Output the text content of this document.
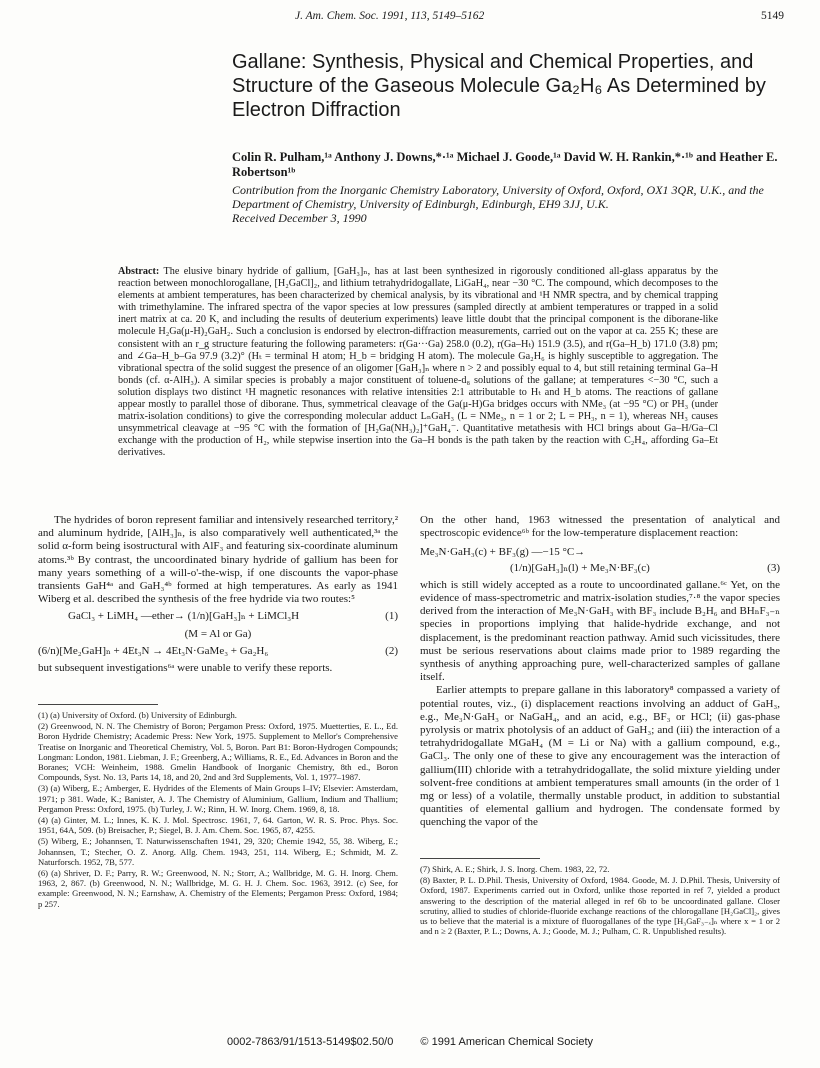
J. Am. Chem. Soc. 1991, 113, 5149–5162	5149
Gallane: Synthesis, Physical and Chemical Properties, and Structure of the Gaseous Molecule Ga₂H₆ As Determined by Electron Diffraction
Colin R. Pulham,¹ᵃ Anthony J. Downs,*·¹ᵃ Michael J. Goode,¹ᵃ David W. H. Rankin,*·¹ᵇ and Heather E. Robertson¹ᵇ
Contribution from the Inorganic Chemistry Laboratory, University of Oxford, Oxford, OX1 3QR, U.K., and the Department of Chemistry, University of Edinburgh, Edinburgh, EH9 3JJ, U.K.
Received December 3, 1990
Abstract: The elusive binary hydride of gallium, [GaH₃]ₙ, has at last been synthesized in rigorously conditioned all-glass apparatus by the reaction between monochlorogallane, [H₂GaCl]₂, and lithium tetrahydridogallate, LiGaH₄, near −30 °C. The compound, which decomposes to the elements at ambient temperatures, has been characterized by chemical analysis, by its vibrational and ¹H NMR spectra, and by chemical trapping with trimethylamine. The infrared spectra of the vapor species at low pressures (sampled directly at ambient temperatures or trapped in a solid inert matrix at ca. 20 K, and including the results of deuterium experiments) leave little doubt that the principal component is the diborane-like molecule H₂Ga(μ-H)₂GaH₂. Such a conclusion is endorsed by electron-diffraction measurements, carried out on the vapor at ca. 255 K; these are consistent with an r_g structure featuring the following parameters: r(Ga···Ga) 258.0 (0.2), r(Ga–Hₜ) 151.9 (3.5), and r(Ga–H_b) 171.0 (3.8) pm; and ∠Ga–H_b–Ga 97.9 (3.2)° (Hₜ = terminal H atom; H_b = bridging H atom). The molecule Ga₂H₆ is highly susceptible to aggregation. The vibrational spectra of the solid suggest the presence of an oligomer [GaH₃]ₙ where n > 2 and possibly equal to 4, but still retaining terminal Ga–H bonds (cf. α-AlH₃). A similar species is probably a major constituent of toluene-d₈ solutions of the gallane; at temperatures <−30 °C, such a solution displays two distinct ¹H magnetic resonances with relative intensities 2:1 attributable to Hₜ and H_b atoms. The reactions of gallane appear mostly to parallel those of diborane. Thus, symmetrical cleavage of the Ga(μ-H)Ga bridges occurs with NMe₃ (at −95 °C) or PH₃ (under matrix-isolation conditions) to give the corresponding molecular adduct LₙGaH₃ (L = NMe₃, n = 1 or 2; L = PH₃, n = 1), whereas NH₃ causes unsymmetrical cleavage at −95 °C with the formation of [H₂Ga(NH₃)₂]⁺GaH₄⁻. Quantitative metathesis with HCl brings about Ga–H/Ga–Cl exchange with the production of H₂, while stepwise insertion into the Ga–H bonds is the path taken by the reaction with C₂H₄, affording Ga–Et derivatives.

The hydrides of boron represent familiar and intensively researched territory,² and aluminum hydride, [AlH₃]ₙ, is also comparatively well authenticated,³ᵃ the solid α-form being isostructural with AlF₃ and featuring six-coordinate aluminum atoms.³ᵇ By contrast, the uncoordinated binary hydride of gallium has been for many years something of a will-o'-the-wisp, if one discounts the vapor-phase transients GaH⁴ᵃ and GaH₃⁴ᵇ formed at high temperatures. As early as 1941 Wiberg et al. described the synthesis of the free hydride via two routes:⁵

GaCl₃ + LiMH₄ —ether→ (1/n)[GaH₃]ₙ + LiMCl₃H	(1)
(M = Al or Ga)
(6/n)[Me₂GaH]ₙ + 4Et₃N → 4Et₃N·GaMe₃ + Ga₂H₆	(2)

but subsequent investigations⁶ᵃ were unable to verify these reports.

(1) (a) University of Oxford. (b) University of Edinburgh.

(2) Greenwood, N. N. The Chemistry of Boron; Pergamon Press: Oxford, 1975. Muetterties, E. L., Ed. Boron Hydride Chemistry; Academic Press: New York, 1975. Supplement to Mellor's Comprehensive Treatise on Inorganic and Theoretical Chemistry, Vol. 5, Boron. Part B1: Boron-Hydrogen Compounds; Longman: London, 1981. Liebman, J. F.; Greenberg, A.; Williams, R. E., Ed. Advances in Boron and the Boranes; VCH: Weinheim, 1988. Gmelin Handbook of Inorganic Chemistry, 8th ed., Boron Compounds, Syst. No. 13, Parts 14, 18, and 20, 2nd and 3rd Supplements, Vol. 1, 1977–1987.

(3) (a) Wiberg, E.; Amberger, E. Hydrides of the Elements of Main Groups I–IV; Elsevier: Amsterdam, 1971; p 381. Wade, K.; Banister, A. J. The Chemistry of Aluminium, Gallium, Indium and Thallium; Pergamon Press: Oxford, 1975. (b) Turley, J. W.; Rinn, H. W. Inorg. Chem. 1969, 8, 18.

(4) (a) Ginter, M. L.; Innes, K. K. J. Mol. Spectrosc. 1961, 7, 64. Garton, W. R. S. Proc. Phys. Soc. 1951, 64A, 509. (b) Breisacher, P.; Siegel, B. J. Am. Chem. Soc. 1965, 87, 4255.

(5) Wiberg, E.; Johannsen, T. Naturwissenschaften 1941, 29, 320; Chemie 1942, 55, 38. Wiberg, E.; Johannsen, T.; Stecher, O. Z. Anorg. Allg. Chem. 1943, 251, 114. Wiberg, E.; Schmidt, M. Z. Naturforsch. 1952, 7B, 577.

(6) (a) Shriver, D. F.; Parry, R. W.; Greenwood, N. N.; Storr, A.; Wallbridge, M. G. H. Inorg. Chem. 1963, 2, 867. (b) Greenwood, N. N.; Wallbridge, M. G. H. J. Chem. Soc. 1963, 3912. (c) See, for example: Greenwood, N. N.; Earnshaw, A. Chemistry of the Elements; Pergamon Press: Oxford, 1984; p 257.

On the other hand, 1963 witnessed the presentation of analytical and spectroscopic evidence⁶ᵇ for the low-temperature displacement reaction:

Me₃N·GaH₃(c) + BF₃(g) —−15 °C→
(1/n)[GaH₃]ₙ(l) + Me₃N·BF₃(c)	(3)

which is still widely accepted as a route to uncoordinated gallane.⁶ᶜ Yet, on the evidence of mass-spectrometric and matrix-isolation studies,⁷·⁸ the vapor species derived from the interaction of Me₃N·GaH₃ with BF₃ include B₂H₆ and BHₙF₃₋ₙ species in proportions implying that halide-hydride exchange, and not displacement, is the predominant reaction pathway. Amid such vicissitudes, there must be serious reservations about claims made prior to 1989 regarding the synthesis of anything approaching pure, well-characterized samples of gallane itself.

Earlier attempts to prepare gallane in this laboratory⁸ compassed a variety of potential routes, viz., (i) displacement reactions involving an adduct of GaH₃, e.g., Me₃N·GaH₃ or NaGaH₄, and an acid, e.g., BF₃ or HCl; (ii) gas-phase pyrolysis or matrix photolysis of an adduct of GaH₃; and (iii) the interaction of a tetrahydridogallate MGaH₄ (M = Li or Na) with a gallium compound, e.g., GaCl₃. The only one of these to give any encouragement was the interaction of gallium(III) chloride with a tetrahydridogallate, the solid mixture yielding under solvent-free conditions at ambient temperatures small amounts (in the order of 1 mg or less) of a volatile, thermally unstable product, in addition to substantial quantities of elemental gallium and hydrogen. The condensate formed by quenching the vapor of the

(7) Shirk, A. E.; Shirk, J. S. Inorg. Chem. 1983, 22, 72.

(8) Baxter, P. L. D.Phil. Thesis, University of Oxford, 1984. Goode, M. J. D.Phil. Thesis, University of Oxford, 1987. Experiments carried out in Oxford, unlike those reported in ref 7, yielded a product answering to the description of the material alleged in ref 6b to be uncoordinated gallane. Closer scrutiny, allied to studies of chloride-fluoride exchange reactions of the chlorogallane [H₂GaCl]₂, gives us to believe that the material is a mixture of fluorogallanes of the type [H₃GaF₃₋ₓ]ₙ where x = 1 or 2 and n ≥ 2 (Baxter, P. L.; Downs, A. J.; Goode, M. J.; Pulham, C. R. Unpublished results).

0002-7863/91/1513-5149$02.50/0 © 1991 American Chemical Society
